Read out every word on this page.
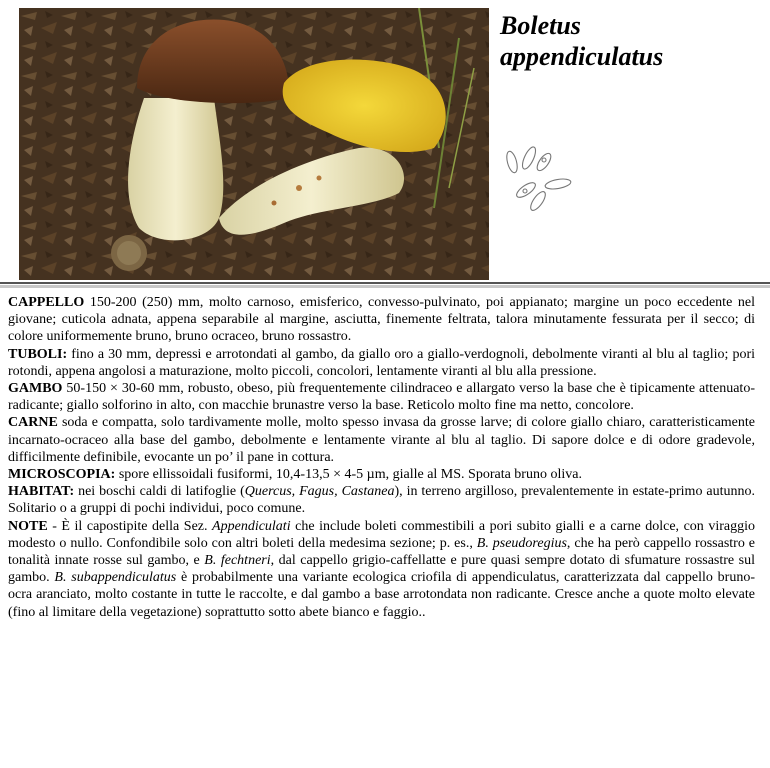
Boletus
appendiculatus

CAPPELLO 150-200 (250) mm, molto carnoso, emisferico, convesso-pulvinato, poi appianato; margine un poco eccedente nel giovane; cuticola adnata, appena separabile al margine, asciutta, finemente feltrata, talora minutamente fessurata per il secco; di colore uniformemente bruno, bruno ocraceo, bruno rossastro.

TUBOLI: fino a 30 mm, depressi e arrotondati al gambo, da giallo oro a giallo-verdognoli, debolmente viranti al blu al taglio; pori rotondi, appena angolosi a maturazione, molto piccoli, concolori, lentamente viranti al blu alla pressione.

GAMBO 50-150 × 30-60 mm, robusto, obeso, più frequentemente cilindraceo e allargato verso la base che è tipicamente attenuato-radicante; giallo solforino in alto, con macchie brunastre verso la base. Reticolo molto fine ma netto, concolore.

CARNE soda e compatta, solo tardivamente molle, molto spesso invasa da grosse larve; di colore giallo chiaro, caratteristicamente incarnato-ocraceo alla base del gambo, debolmente e lentamente virante al blu al taglio. Di sapore dolce e di odore gradevole, difficilmente definibile, evocante un po’ il pane in cottura.

MICROSCOPIA: spore ellissoidali fusiformi, 10,4-13,5 × 4-5 µm, gialle al MS. Sporata bruno oliva.

HABITAT: nei boschi caldi di latifoglie (Quercus, Fagus, Castanea), in terreno argilloso, prevalentemente in estate-primo autunno. Solitario o a gruppi di pochi individui, poco comune.

NOTE - È il capostipite della Sez. Appendiculati che include boleti commestibili a pori subito gialli e a carne dolce, con viraggio modesto o nullo. Confondibile solo con altri boleti della medesima sezione; p. es., B. pseudoregius, che ha però cappello rossastro e tonalità innate rosse sul gambo, e B. fechtneri, dal cappello grigio-caffellatte e pure quasi sempre dotato di sfumature rossastre sul gambo. B. subappendiculatus è probabilmente una variante ecologica criofila di appendiculatus, caratterizzata dal cappello bruno-ocra aranciato, molto costante in tutte le raccolte, e dal gambo a base arrotondata non radicante. Cresce anche a quote molto elevate (fino al limitare della vegetazione) soprattutto sotto abete bianco e faggio..
